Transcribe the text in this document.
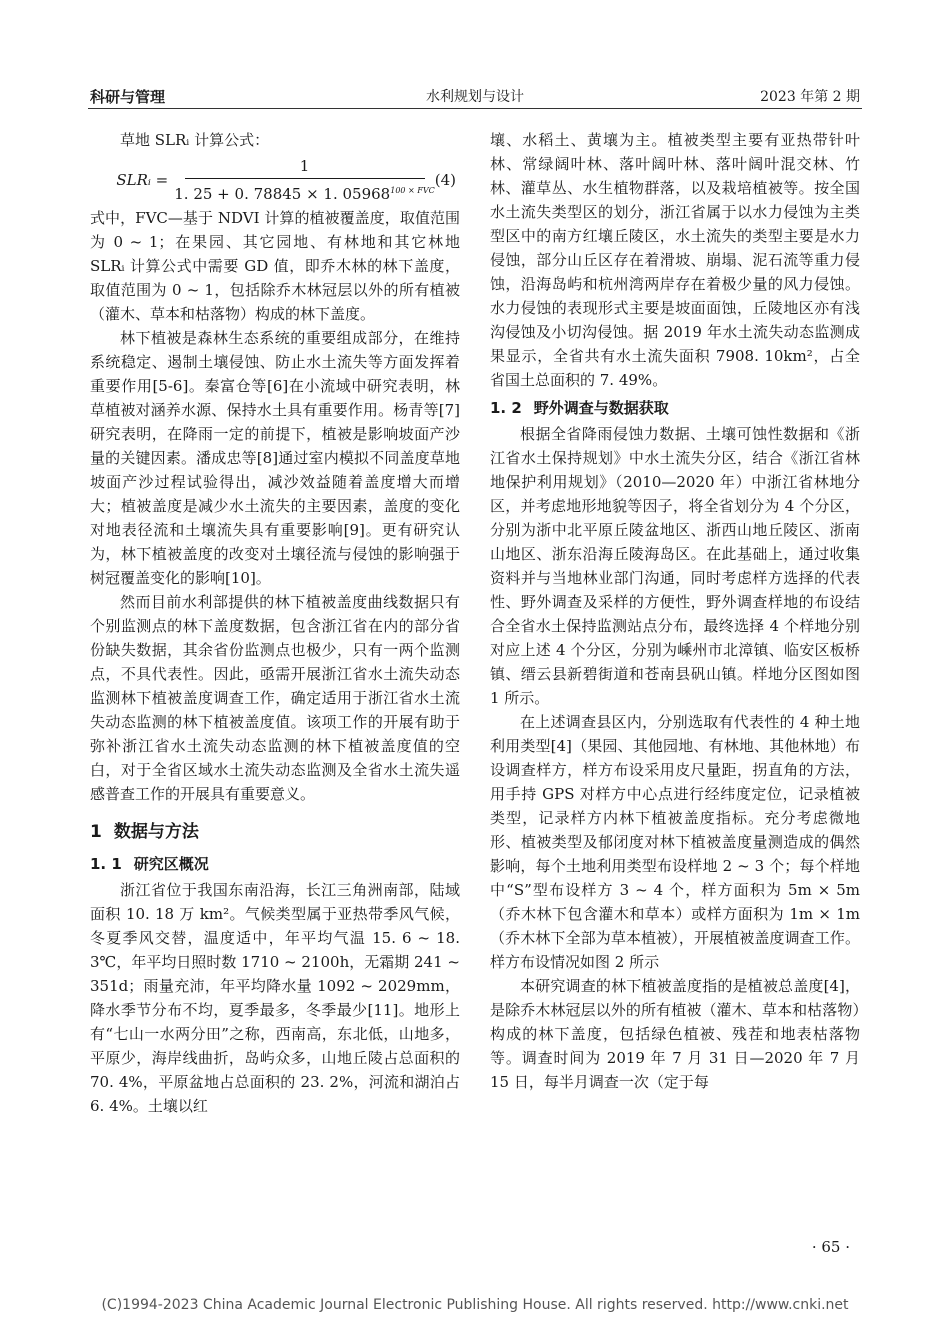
科研与管理	水利规划与设计	2023 年第 2 期

草地 SLRᵢ 计算公式：

SLRᵢ = $\frac{1}{1. 25 + 0. 78845 \times 1. 05968^{100 \times FVC}} (4)$

式中，FVC—基于 NDVI 计算的植被覆盖度，取值范围为 0 ~ 1；在果园、其它园地、有林地和其它林地 SLRᵢ 计算公式中需要 GD 值，即乔木林的林下盖度，取值范围为 0 ~ 1，包括除乔木林冠层以外的所有植被（灌木、草本和枯落物）构成的林下盖度。

林下植被是森林生态系统的重要组成部分，在维持系统稳定、遏制土壤侵蚀、防止水土流失等方面发挥着重要作用[5-6]。秦富仓等[6]在小流域中研究表明，林草植被对涵养水源、保持水土具有重要作用。杨青等[7]研究表明，在降雨一定的前提下，植被是影响坡面产沙量的关键因素。潘成忠等[8]通过室内模拟不同盖度草地坡面产沙过程试验得出，减沙效益随着盖度增大而增大；植被盖度是减少水土流失的主要因素，盖度的变化对地表径流和土壤流失具有重要影响[9]。更有研究认为，林下植被盖度的改变对土壤径流与侵蚀的影响强于树冠覆盖变化的影响[10]。

然而目前水利部提供的林下植被盖度曲线数据只有个别监测点的林下盖度数据，包含浙江省在内的部分省份缺失数据，其余省份监测点也极少，只有一两个监测点，不具代表性。因此，亟需开展浙江省水土流失动态监测林下植被盖度调查工作，确定适用于浙江省水土流失动态监测的林下植被盖度值。该项工作的开展有助于弥补浙江省水土流失动态监测的林下植被盖度值的空白，对于全省区域水土流失动态监测及全省水土流失遥感普查工作的开展具有重要意义。

1 数据与方法
1. 1 研究区概况

浙江省位于我国东南沿海，长江三角洲南部，陆域面积 10. 18 万 km²。气候类型属于亚热带季风气候，冬夏季风交替，温度适中，年平均气温 15. 6 ~ 18. 3℃，年平均日照时数 1710 ~ 2100h，无霜期 241 ~ 351d；雨量充沛，年平均降水量 1092 ~ 2029mm，降水季节分布不均，夏季最多，冬季最少[11]。地形上有“七山一水两分田”之称，西南高，东北低，山地多，平原少，海岸线曲折，岛屿众多，山地丘陵占总面积的 70. 4%，平原盆地占总面积的 23. 2%，河流和湖泊占 6. 4%。土壤以红

壤、水稻土、黄壤为主。植被类型主要有亚热带针叶林、常绿阔叶林、落叶阔叶林、落叶阔叶混交林、竹林、灌草丛、水生植物群落，以及栽培植被等。按全国水土流失类型区的划分，浙江省属于以水力侵蚀为主类型区中的南方红壤丘陵区，水土流失的类型主要是水力侵蚀，部分山丘区存在着滑坡、崩塌、泥石流等重力侵蚀，沿海岛屿和杭州湾两岸存在着极少量的风力侵蚀。水力侵蚀的表现形式主要是坡面面蚀，丘陵地区亦有浅沟侵蚀及小切沟侵蚀。据 2019 年水土流失动态监测成果显示，全省共有水土流失面积 7908. 10km²，占全省国土总面积的 7. 49%。

1. 2 野外调查与数据获取

根据全省降雨侵蚀力数据、土壤可蚀性数据和《浙江省水土保持规划》中水土流失分区，结合《浙江省林地保护利用规划》（2010—2020 年）中浙江省林地分区，并考虑地形地貌等因子，将全省划分为 4 个分区，分别为浙中北平原丘陵盆地区、浙西山地丘陵区、浙南山地区、浙东沿海丘陵海岛区。在此基础上，通过收集资料并与当地林业部门沟通，同时考虑样方选择的代表性、野外调查及采样的方便性，野外调查样地的布设结合全省水土保持监测站点分布，最终选择 4 个样地分别对应上述 4 个分区，分别为嵊州市北漳镇、临安区板桥镇、缙云县新碧街道和苍南县矾山镇。样地分区图如图 1 所示。

在上述调查县区内，分别选取有代表性的 4 种土地利用类型[4]（果园、其他园地、有林地、其他林地）布设调查样方，样方布设采用皮尺量距，拐直角的方法，用手持 GPS 对样方中心点进行经纬度定位，记录植被类型，记录样方内林下植被盖度指标。充分考虑微地形、植被类型及郁闭度对林下植被盖度量测造成的偶然影响，每个土地利用类型布设样地 2 ~ 3 个；每个样地中“S”型布设样方 3 ~ 4 个，样方面积为 5m × 5m（乔木林下包含灌木和草本）或样方面积为 1m × 1m（乔木林下全部为草本植被），开展植被盖度调查工作。样方布设情况如图 2 所示

本研究调查的林下植被盖度指的是植被总盖度[4]，是除乔木林冠层以外的所有植被（灌木、草本和枯落物）构成的林下盖度，包括绿色植被、残茬和地表枯落物等。调查时间为 2019 年 7 月 31 日—2020 年 7 月 15 日，每半月调查一次（定于每

· 65 ·
(C)1994-2023 China Academic Journal Electronic Publishing House. All rights reserved. http://www.cnki.net
